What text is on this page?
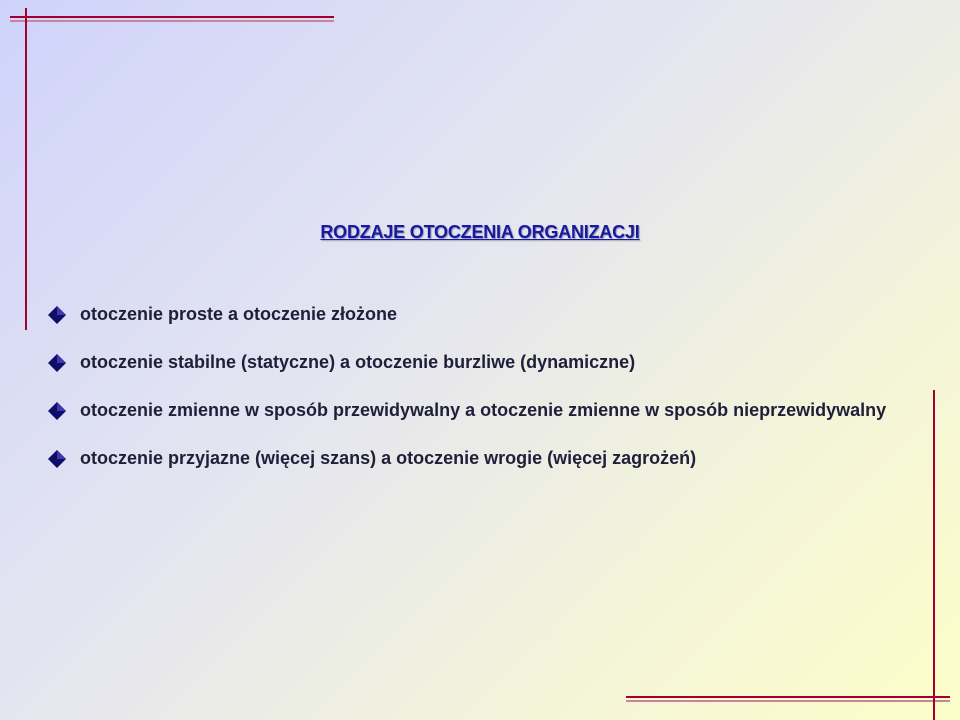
RODZAJE OTOCZENIA ORGANIZACJI
otoczenie proste a otoczenie złożone
otoczenie stabilne (statyczne) a otoczenie burzliwe (dynamiczne)
otoczenie zmienne w sposób przewidywalny a otoczenie zmienne w sposób nieprzewidywalny
otoczenie przyjazne (więcej szans) a otoczenie wrogie (więcej zagrożeń)
